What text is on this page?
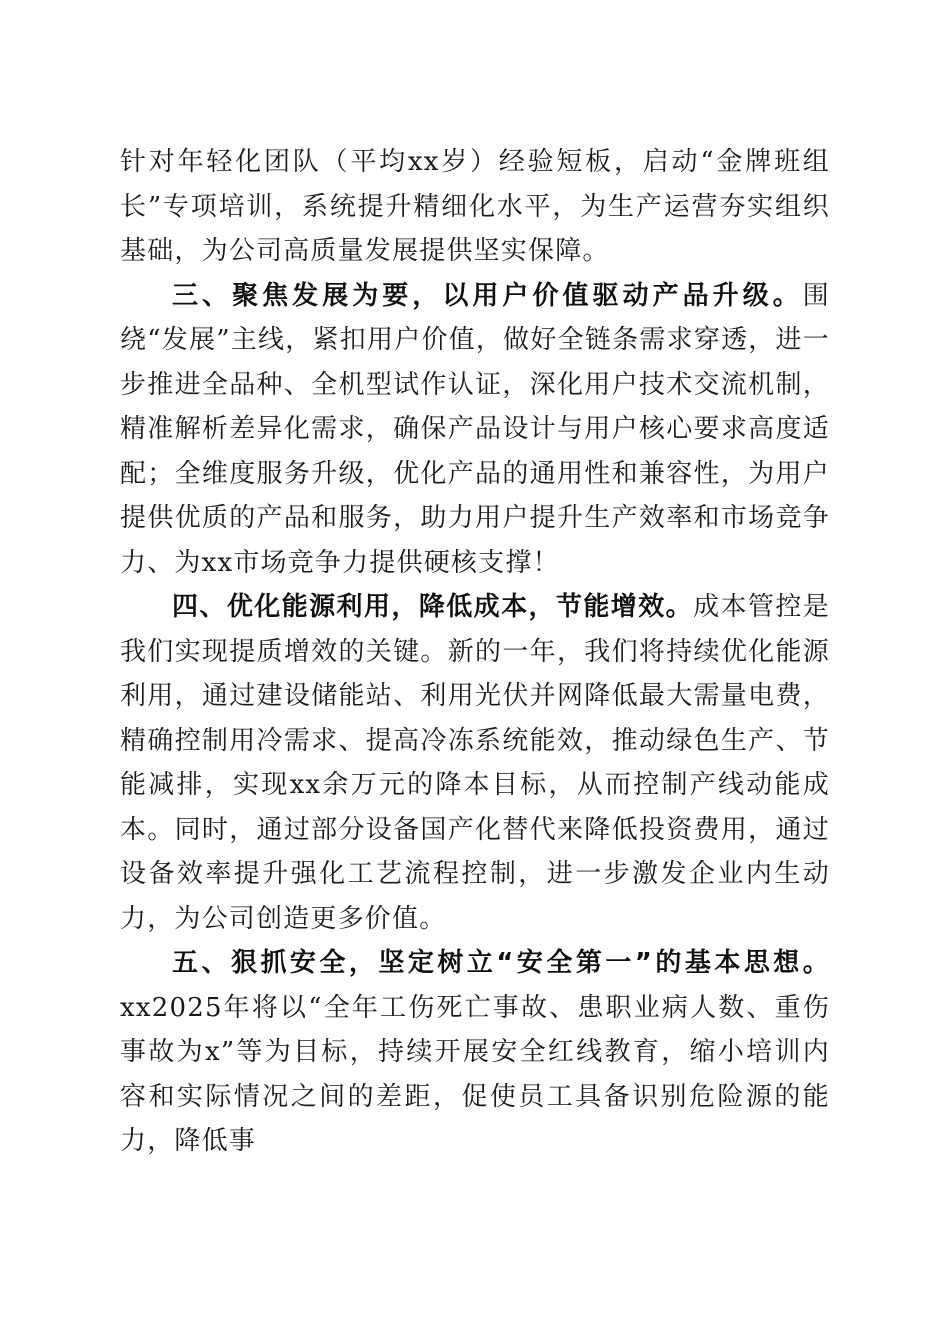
针对年轻化团队（平均xx岁）经验短板，启动“金牌班组长”专项培训，系统提升精细化水平，为生产运营夯实组织基础，为公司高质量发展提供坚实保障。

三、聚焦发展为要，以用户价值驱动产品升级。围绕“发展”主线，紧扣用户价值，做好全链条需求穿透，进一步推进全品种、全机型试作认证，深化用户技术交流机制，精准解析差异化需求，确保产品设计与用户核心要求高度适配；全维度服务升级，优化产品的通用性和兼容性，为用户提供优质的产品和服务，助力用户提升生产效率和市场竞争力、为xx市场竞争力提供硬核支撑！

四、优化能源利用，降低成本，节能增效。成本管控是我们实现提质增效的关键。新的一年，我们将持续优化能源利用，通过建设储能站、利用光伏并网降低最大需量电费，精确控制用冷需求、提高冷冻系统能效，推动绿色生产、节能减排，实现xx余万元的降本目标，从而控制产线动能成本。同时，通过部分设备国产化替代来降低投资费用，通过设备效率提升强化工艺流程控制，进一步激发企业内生动力，为公司创造更多价值。

五、狠抓安全，坚定树立“安全第一”的基本思想。xx2025年将以“全年工伤死亡事故、患职业病人数、重伤事故为x”等为目标，持续开展安全红线教育，缩小培训内容和实际情况之间的差距，促使员工具备识别危险源的能力，降低事
